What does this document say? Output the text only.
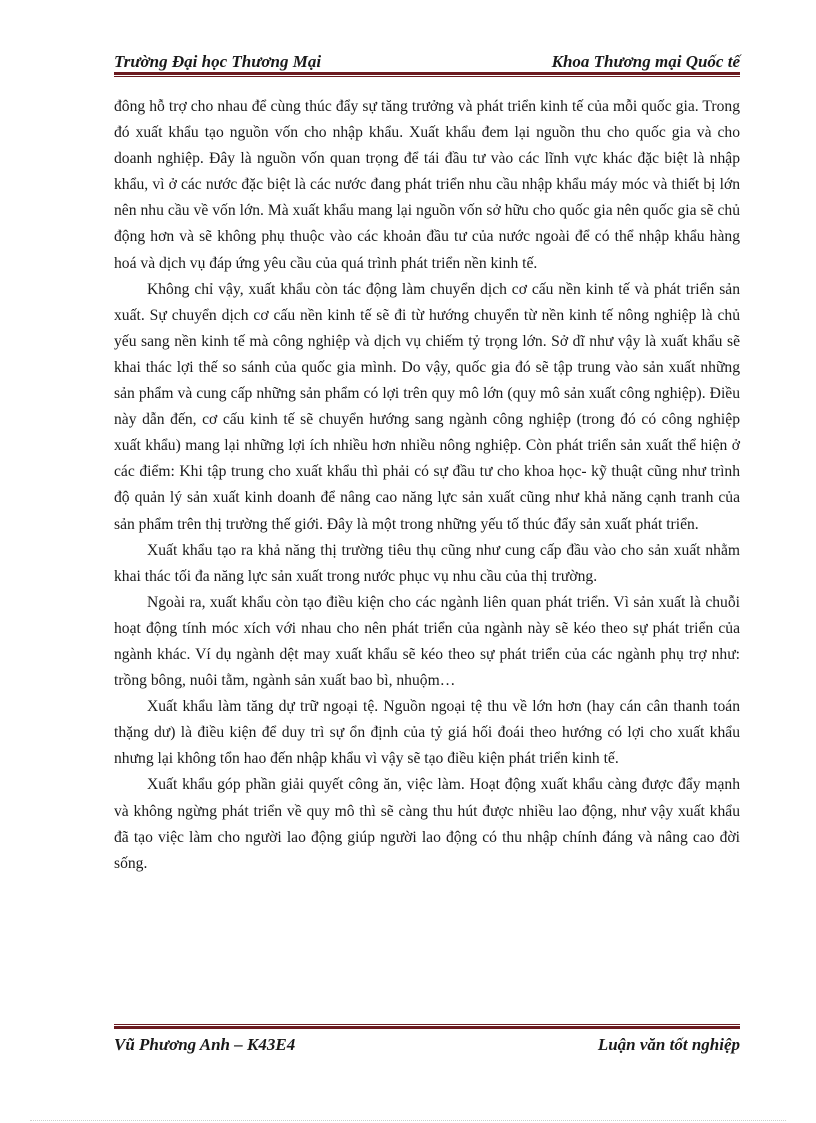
Trường Đại học Thương Mại	Khoa Thương mại Quốc tế

đông hỗ trợ cho nhau để cùng thúc đẩy sự tăng trưởng và phát triển kinh tế của mỗi quốc gia. Trong đó xuất khẩu tạo nguồn vốn cho nhập khẩu. Xuất khẩu đem lại nguồn thu cho quốc gia và cho doanh nghiệp. Đây là nguồn vốn quan trọng để tái đầu tư vào các lĩnh vực khác đặc biệt là nhập khẩu, vì ở các nước đặc biệt là các nước đang phát triển nhu cầu nhập khẩu máy móc và thiết bị lớn nên nhu cầu về vốn lớn. Mà xuất khẩu mang lại nguồn vốn sở hữu cho quốc gia nên quốc gia sẽ chủ động hơn và sẽ không phụ thuộc vào các khoản đầu tư của nước ngoài để có thể nhập khẩu hàng hoá và dịch vụ đáp ứng yêu cầu của quá trình phát triển nền kinh tế.

Không chỉ vậy, xuất khẩu còn tác động làm chuyển dịch cơ cấu nền kinh tế và phát triển sản xuất. Sự chuyển dịch cơ cấu nền kinh tế sẽ đi từ hướng chuyển từ nền kinh tế nông nghiệp là chủ yếu sang nền kinh tế mà công nghiệp và dịch vụ chiếm tỷ trọng lớn. Sở dĩ như vậy là xuất khẩu sẽ khai thác lợi thế so sánh của quốc gia mình. Do vậy, quốc gia đó sẽ tập trung vào sản xuất những sản phẩm và cung cấp những sản phẩm có lợi trên quy mô lớn (quy mô sản xuất công nghiệp). Điều này dẫn đến, cơ cấu kinh tế sẽ chuyển hướng sang ngành công nghiệp (trong đó có công nghiệp xuất khẩu) mang lại những lợi ích nhiều hơn nhiều nông nghiệp. Còn phát triển sản xuất thể hiện ở các điểm: Khi tập trung cho xuất khẩu thì phải có sự đầu tư cho khoa học- kỹ thuật cũng như trình độ quản lý sản xuất kinh doanh để nâng cao năng lực sản xuất cũng như khả năng cạnh tranh của sản phẩm trên thị trường thế giới. Đây là một trong những yếu tố thúc đẩy sản xuất phát triển.

Xuất khẩu tạo ra khả năng thị trường tiêu thụ cũng như cung cấp đầu vào cho sản xuất nhằm khai thác tối đa năng lực sản xuất trong nước phục vụ nhu cầu của thị trường.

Ngoài ra, xuất khẩu còn tạo điều kiện cho các ngành liên quan phát triển. Vì sản xuất là chuỗi hoạt động tính móc xích với nhau cho nên phát triển của ngành này sẽ kéo theo sự phát triển của ngành khác. Ví dụ ngành dệt may xuất khẩu sẽ kéo theo sự phát triển của các ngành phụ trợ như: trồng bông, nuôi tằm, ngành sản xuất bao bì, nhuộm…

Xuất khẩu làm tăng dự trữ ngoại tệ. Nguồn ngoại tệ thu về lớn hơn (hay cán cân thanh toán thặng dư) là điều kiện để duy trì sự ổn định của tỷ giá hối đoái theo hướng có lợi cho xuất khẩu nhưng lại không tổn hao đến nhập khẩu vì vậy sẽ tạo điều kiện phát triển kinh tế.

Xuất khẩu góp phần giải quyết công ăn, việc làm. Hoạt động xuất khẩu càng được đẩy mạnh và không ngừng phát triển về quy mô thì sẽ càng thu hút được nhiều lao động, như vậy xuất khẩu đã tạo việc làm cho người lao động giúp người lao động có thu nhập chính đáng và nâng cao đời sống.

Vũ Phương Anh – K43E4	Luận văn tốt nghiệp
